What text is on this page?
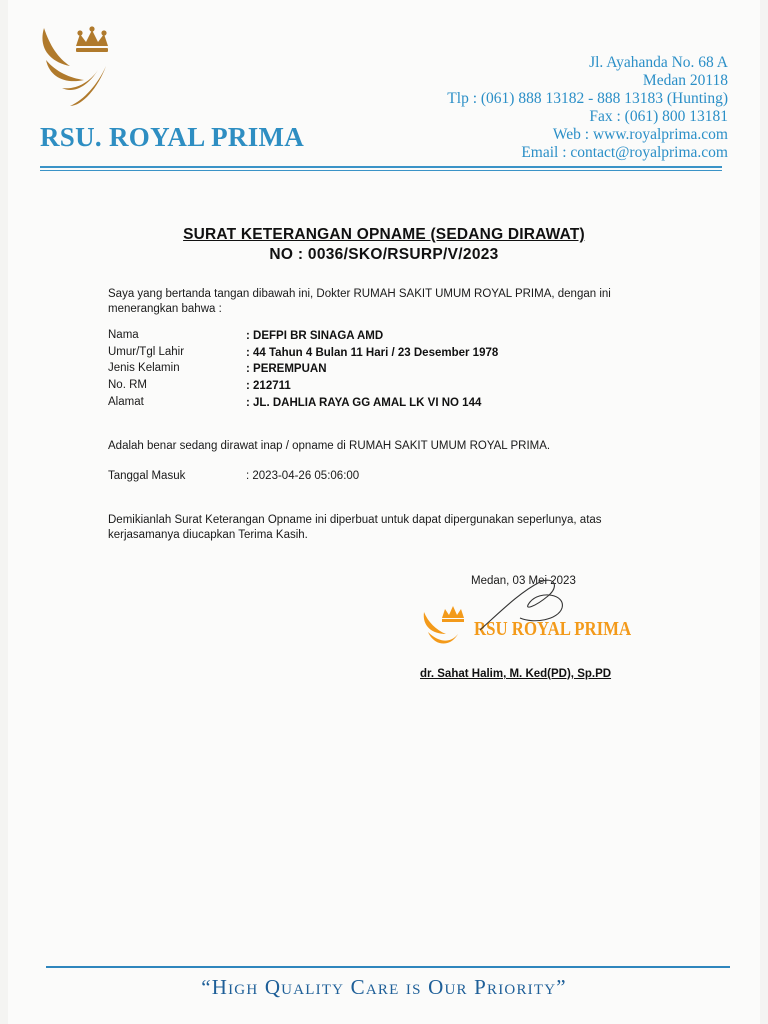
RSU. ROYAL PRIMA
Jl. Ayahanda No. 68 A
Medan 20118
Tlp : (061) 888 13182 - 888 13183 (Hunting)
Fax : (061) 800 13181
Web : www.royalprima.com
Email : contact@royalprima.com
SURAT KETERANGAN OPNAME (SEDANG DIRAWAT)
NO : 0036/SKO/RSURP/V/2023
Saya yang bertanda tangan dibawah ini, Dokter RUMAH SAKIT UMUM ROYAL PRIMA, dengan ini
menerangkan bahwa :
Nama	: DEFPI BR SINAGA AMD
Umur/Tgl Lahir	: 44 Tahun 4 Bulan 11 Hari / 23 Desember 1978
Jenis Kelamin	: PEREMPUAN
No. RM	: 212711
Alamat	: JL. DAHLIA RAYA GG AMAL LK VI NO 144
Adalah benar sedang dirawat inap / opname di RUMAH SAKIT UMUM ROYAL PRIMA.
Tanggal Masuk	: 2023-04-26 05:06:00
Demikianlah Surat Keterangan Opname ini diperbuat untuk dapat dipergunakan seperlunya, atas
kerjasamanya diucapkan Terima Kasih.
Medan, 03 Mei 2023
RSU ROYAL PRIMA
dr. Sahat Halim, M. Ked(PD), Sp.PD
“High Quality Care is Our Priority”
